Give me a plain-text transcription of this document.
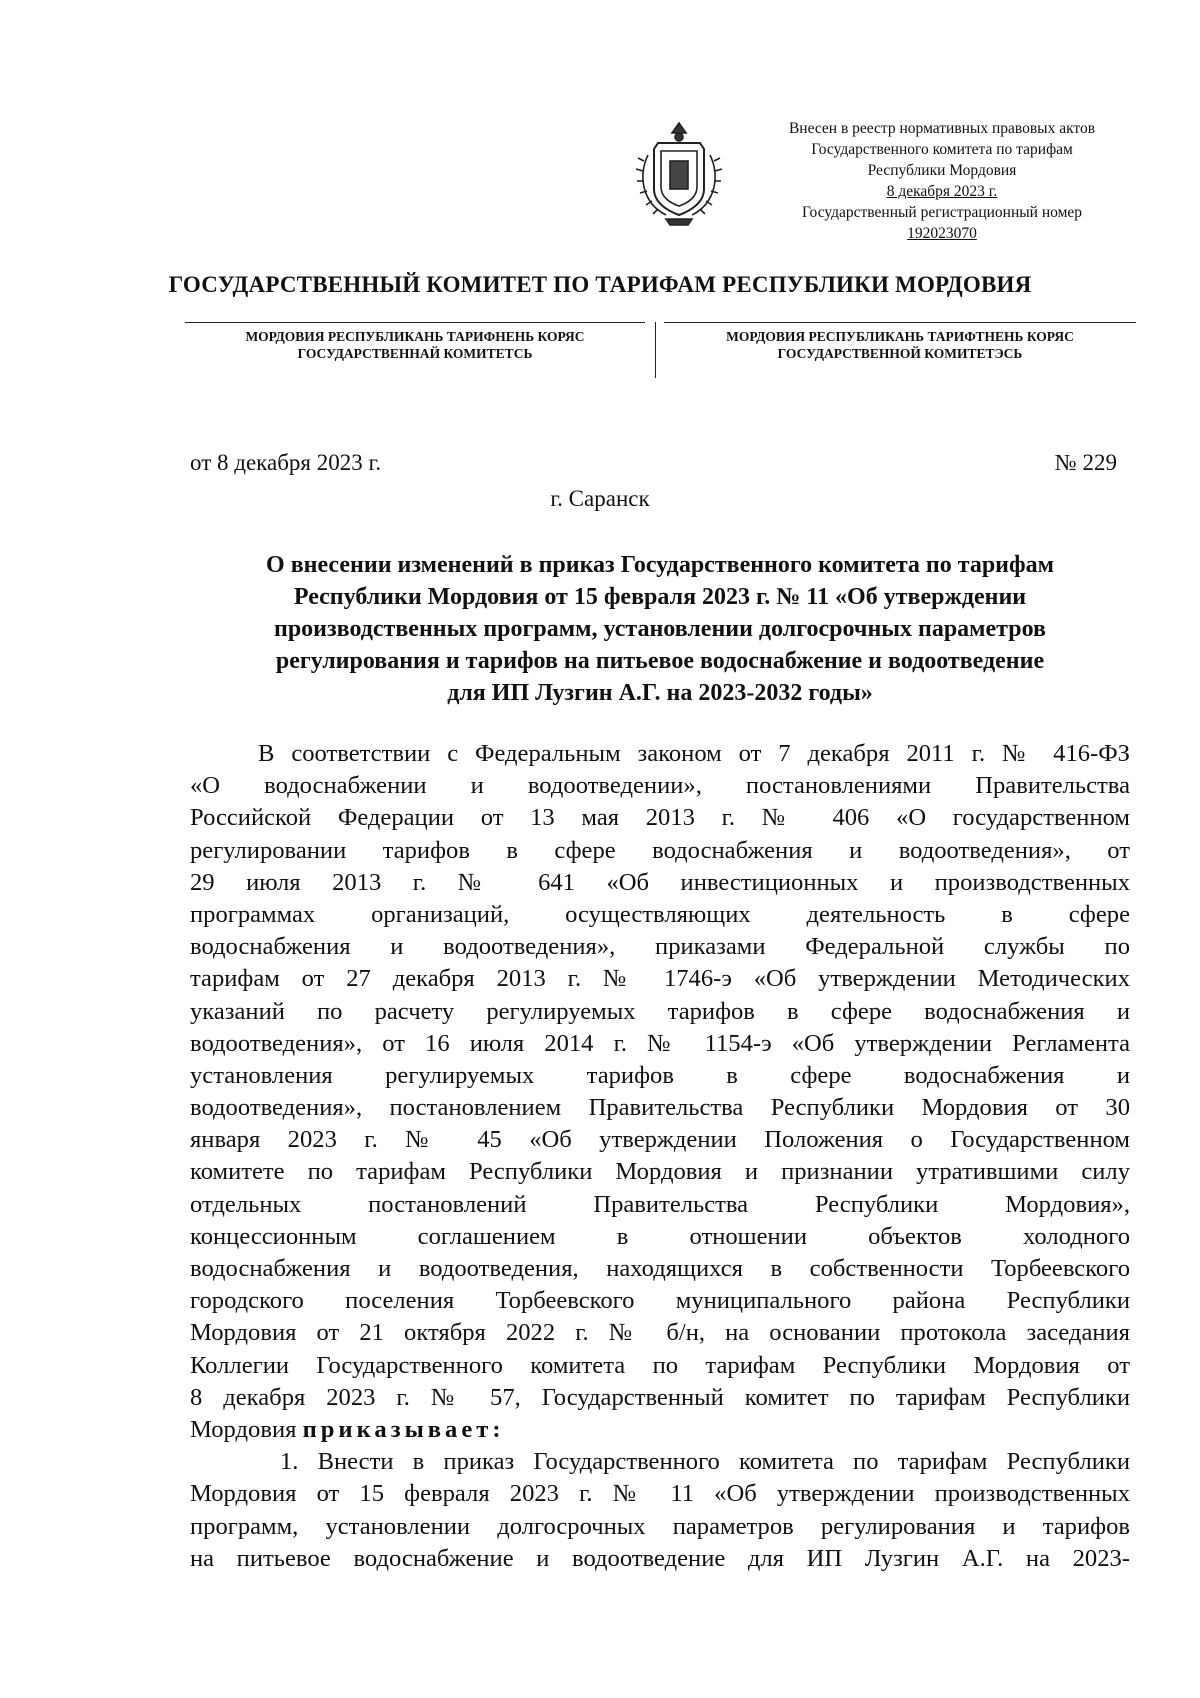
Внесен в реестр нормативных правовых актов
Государственного комитета по тарифам
Республики Мордовия
8 декабря 2023 г.
Государственный регистрационный номер
192023070
ГОСУДАРСТВЕННЫЙ КОМИТЕТ ПО ТАРИФАМ РЕСПУБЛИКИ МОРДОВИЯ
МОРДОВИЯ РЕСПУБЛИКАНЬ ТАРИФНЕНЬ КОРЯС
ГОСУДАРСТВЕННАЙ КОМИТЕТСЬ
МОРДОВИЯ РЕСПУБЛИКАНЬ ТАРИФТНЕНЬ КОРЯС
ГОСУДАРСТВЕННОЙ КОМИТЕТЭСЬ
от 8 декабря 2023 г.	№ 229
г. Саранск
О внесении изменений в приказ Государственного комитета по тарифам
Республики Мордовия от 15 февраля 2023 г. № 11 «Об утверждении
производственных программ, установлении долгосрочных параметров
регулирования и тарифов на питьевое водоснабжение и водоотведение
для ИП Лузгин А.Г. на 2023-2032 годы»
В соответствии с Федеральным законом от 7 декабря 2011 г. № 416-ФЗ
«О водоснабжении и водоотведении», постановлениями Правительства
Российской Федерации от 13 мая 2013 г. № 406 «О государственном
регулировании тарифов в сфере водоснабжения и водоотведения», от
29 июля 2013 г. № 641 «Об инвестиционных и производственных
программах организаций, осуществляющих деятельность в сфере
водоснабжения и водоотведения», приказами Федеральной службы по
тарифам от 27 декабря 2013 г. № 1746-э «Об утверждении Методических
указаний по расчету регулируемых тарифов в сфере водоснабжения и
водоотведения», от 16 июля 2014 г. № 1154-э «Об утверждении Регламента
установления регулируемых тарифов в сфере водоснабжения и
водоотведения», постановлением Правительства Республики Мордовия от 30
января 2023 г. № 45 «Об утверждении Положения о Государственном
комитете по тарифам Республики Мордовия и признании утратившими силу
отдельных постановлений Правительства Республики Мордовия»,
концессионным соглашением в отношении объектов холодного
водоснабжения и водоотведения, находящихся в собственности Торбеевского
городского поселения Торбеевского муниципального района Республики
Мордовия от 21 октября 2022 г. № б/н, на основании протокола заседания
Коллегии Государственного комитета по тарифам Республики Мордовия от
8 декабря 2023 г. № 57, Государственный комитет по тарифам Республики
Мордовия приказывает:
1. Внести в приказ Государственного комитета по тарифам Республики
Мордовия от 15 февраля 2023 г. № 11 «Об утверждении производственных
программ, установлении долгосрочных параметров регулирования и тарифов
на питьевое водоснабжение и водоотведение для ИП Лузгин А.Г. на 2023-
